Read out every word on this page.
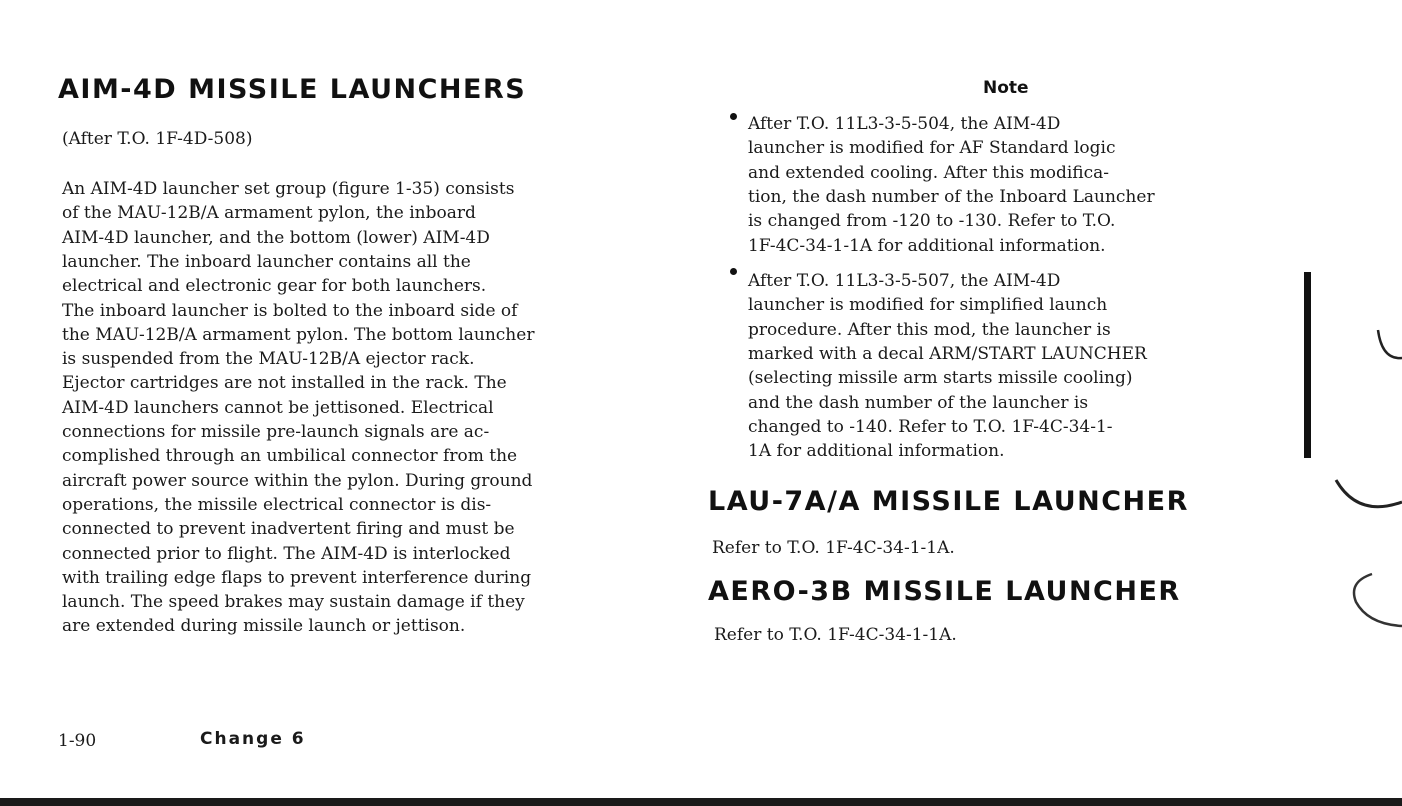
AIM-4D MISSILE LAUNCHERS
(After T.O. 1F-4D-508)
An AIM-4D launcher set group (figure 1-35) consists
of the MAU-12B/A armament pylon, the inboard
AIM-4D launcher, and the bottom (lower) AIM-4D
launcher. The inboard launcher contains all the
electrical and electronic gear for both launchers.
The inboard launcher is bolted to the inboard side of
the MAU-12B/A armament pylon. The bottom launcher
is suspended from the MAU-12B/A ejector rack.
Ejector cartridges are not installed in the rack. The
AIM-4D launchers cannot be jettisoned. Electrical
connections for missile pre-launch signals are ac-
complished through an umbilical connector from the
aircraft power source within the pylon. During ground
operations, the missile electrical connector is dis-
connected to prevent inadvertent firing and must be
connected prior to flight. The AIM-4D is interlocked
with trailing edge flaps to prevent interference during
launch. The speed brakes may sustain damage if they
are extended during missile launch or jettison.
Note
After T.O. 11L3-3-5-504, the AIM-4D
launcher is modified for AF Standard logic
and extended cooling. After this modifica-
tion, the dash number of the Inboard Launcher
is changed from -120 to -130. Refer to T.O.
1F-4C-34-1-1A for additional information.
After T.O. 11L3-3-5-507, the AIM-4D
launcher is modified for simplified launch
procedure. After this mod, the launcher is
marked with a decal ARM/START LAUNCHER
(selecting missile arm starts missile cooling)
and the dash number of the launcher is
changed to -140. Refer to T.O. 1F-4C-34-1-
1A for additional information.
LAU-7A/A MISSILE LAUNCHER
Refer to T.O. 1F-4C-34-1-1A.
AERO-3B MISSILE LAUNCHER
Refer to T.O. 1F-4C-34-1-1A.
1-90	Change 6
